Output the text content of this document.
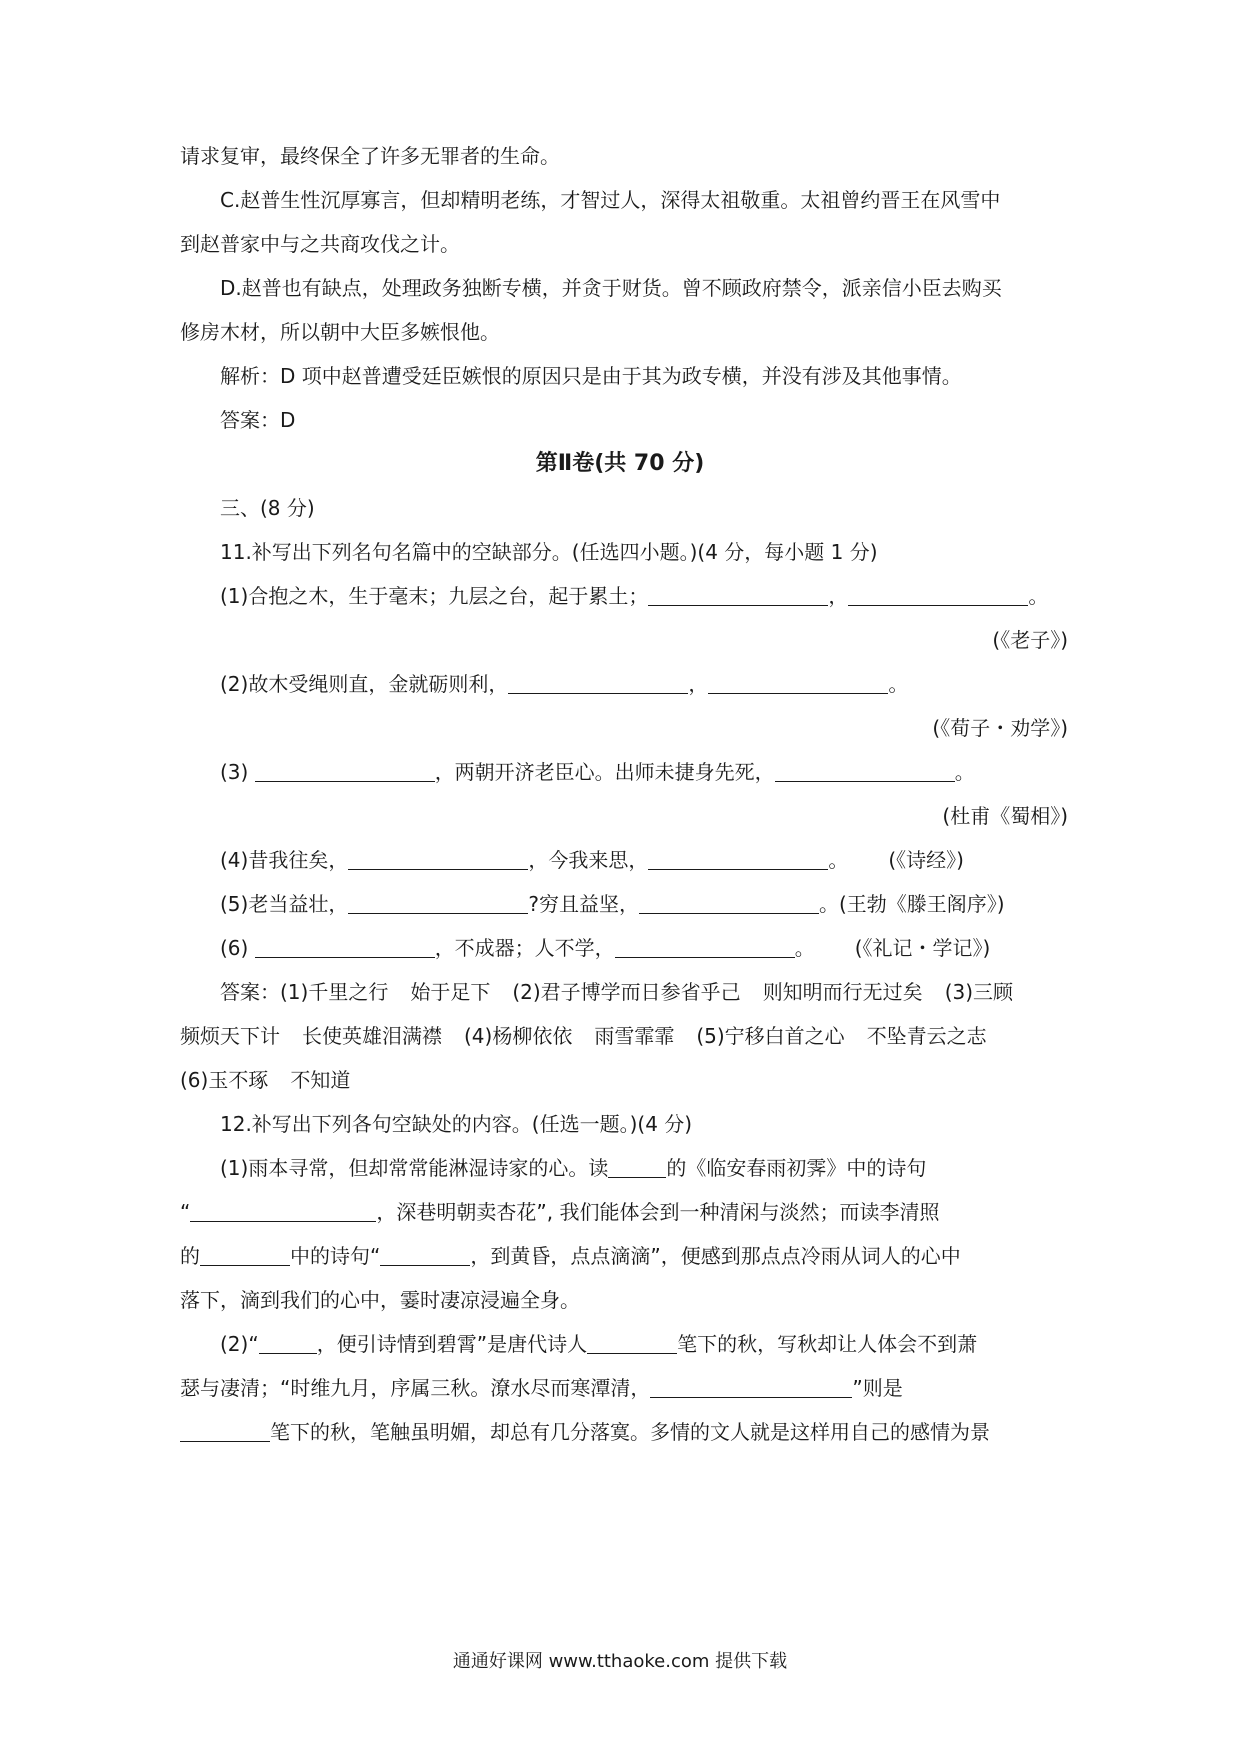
请求复审，最终保全了许多无罪者的生命。
C.赵普生性沉厚寡言，但却精明老练，才智过人，深得太祖敬重。太祖曾约晋王在风雪中
到赵普家中与之共商攻伐之计。
D.赵普也有缺点，处理政务独断专横，并贪于财货。曾不顾政府禁令，派亲信小臣去购买
修房木材，所以朝中大臣多嫉恨他。
解析：D 项中赵普遭受廷臣嫉恨的原因只是由于其为政专横，并没有涉及其他事情。
答案：D
第Ⅱ卷(共 70 分)
三、(8 分)
11.补写出下列名句名篇中的空缺部分。(任选四小题。)(4 分，每小题 1 分)
(1)合抱之木，生于毫末；九层之台，起于累土；	，	。
(《老子》)
(2)故木受绳则直，金就砺则利，	，	。
(《荀子・劝学》)
(3)	，两朝开济老臣心。出师未捷身先死，	。
(杜甫《蜀相》)
(4)昔我往矣，	，今我来思，	。 (《诗经》)
(5)老当益壮，	?穷且益坚，	。(王勃《滕王阁序》)
(6)	，不成器；人不学，	。 (《礼记・学记》)
答案：(1)千里之行 始于足下 (2)君子博学而日参省乎己 则知明而行无过矣 (3)三顾
频烦天下计 长使英雄泪满襟 (4)杨柳依依 雨雪霏霏 (5)宁移白首之心 不坠青云之志
(6)玉不琢 不知道
12.补写出下列各句空缺处的内容。(任选一题。)(4 分)
(1)雨本寻常，但却常常能淋湿诗家的心。读	的《临安春雨初霁》中的诗句
“	，深巷明朝卖杏花”, 我们能体会到一种清闲与淡然；而读李清照
的	中的诗句“	，到黄昏，点点滴滴”，便感到那点点冷雨从词人的心中
落下，滴到我们的心中，霎时凄凉浸遍全身。
(2)“	，便引诗情到碧霄”是唐代诗人	笔下的秋，写秋却让人体会不到萧
瑟与凄清；“时维九月，序属三秋。潦水尽而寒潭清，	”则是
笔下的秋，笔触虽明媚，却总有几分落寞。多情的文人就是这样用自己的感情为景
通通好课网 www.tthaoke.com 提供下载
